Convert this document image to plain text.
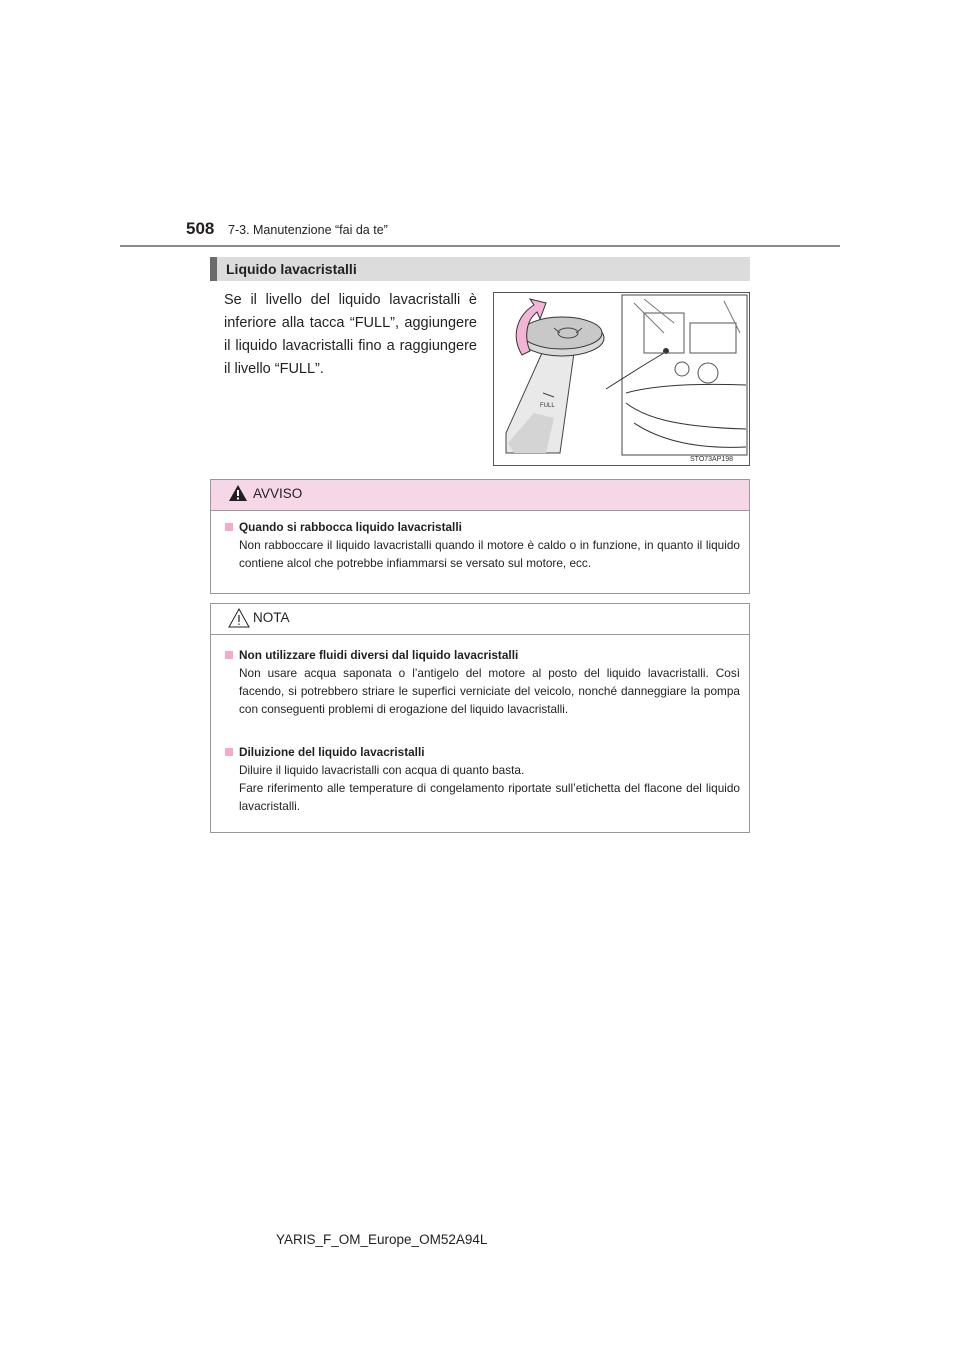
508 7-3. Manutenzione “fai da te”
Liquido lavacristalli
Se il livello del liquido lavacristalli è inferiore alla tacca “FULL”, aggiungere il liquido lavacristalli fino a raggiungere il livello “FULL”.
FULL
STO73AP198
AVVISO
Quando si rabbocca liquido lavacristalli
Non rabboccare il liquido lavacristalli quando il motore è caldo o in funzione, in quanto il liquido contiene alcol che potrebbe infiammarsi se versato sul motore, ecc.
NOTA
Non utilizzare fluidi diversi dal liquido lavacristalli
Non usare acqua saponata o l’antigelo del motore al posto del liquido lavacristalli. Così facendo, si potrebbero striare le superfici verniciate del veicolo, nonché danneggiare la pompa con conseguenti problemi di erogazione del liquido lavacristalli.
Diluizione del liquido lavacristalli
Diluire il liquido lavacristalli con acqua di quanto basta.
Fare riferimento alle temperature di congelamento riportate sull’etichetta del flacone del liquido lavacristalli.
YARIS_F_OM_Europe_OM52A94L
